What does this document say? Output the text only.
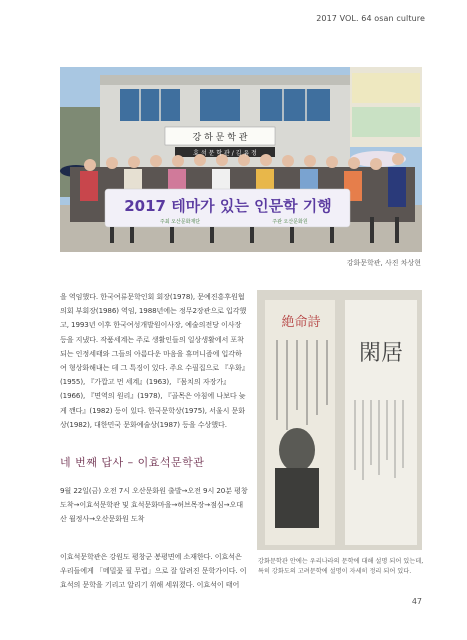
2017 VOL. 64 osan culture
강 하 문 학 관
효 석 문 학 관 / 김 유 정
2017 테마가 있는 인문학 기행
주최 오산문화재단	주관 오산문화원
강화문학관, 사진 차상현

을 역임했다. 한국여류문학인회 회장(1978), 문예진흥후원협의회 부회장(1986) 역임, 1988년에는 정무2장관으로 입각했고, 1993년 이후 한국여성개발원이사장, 예술의전당 이사장 등을 지냈다. 작품세계는 주로 생활인들의 일상생활에서 포착되는 인정세태와 그들의 아름다운 마음을 휴머니즘에 입각하여 형상화해내는 데 그 특징이 있다. 주요 수필집으로 『우화』(1955), 『가깝고 먼 세계』(1963), 『몸치의 자장가』(1966), 『면역의 원리』(1978), 『골목은 아침에 나보다 늦게 깬다』(1982) 등이 있다. 한국문학상(1975), 서울시 문화상(1982), 대한민국 문화예술상(1987) 등을 수상했다.

네 번째 답사 – 이효석문학관

9월 22일(금) 오전 7시 오산문화원 출발→오전 9시 20분 평창 도착→이효석문학관 및 효석문화마을→허브목장→점심→오대산 월정사→오산문화원 도착

이효석문학관은 강원도 평창군 봉평면에 소재한다. 이효석은 우리들에게 「메밀꽃 필 무렵」으로 잘 알려진 문학가이다. 이효석의 문학을 기리고 알리기 위해 세워졌다. 이효석이 태어

絶命詩
閑居
강화문학관 안에는 우리나라의 문학에 대해 설명 되어 있는데, 특히 강화도의 고려문학에 설명이 자세히 정리 되어 있다.
47
